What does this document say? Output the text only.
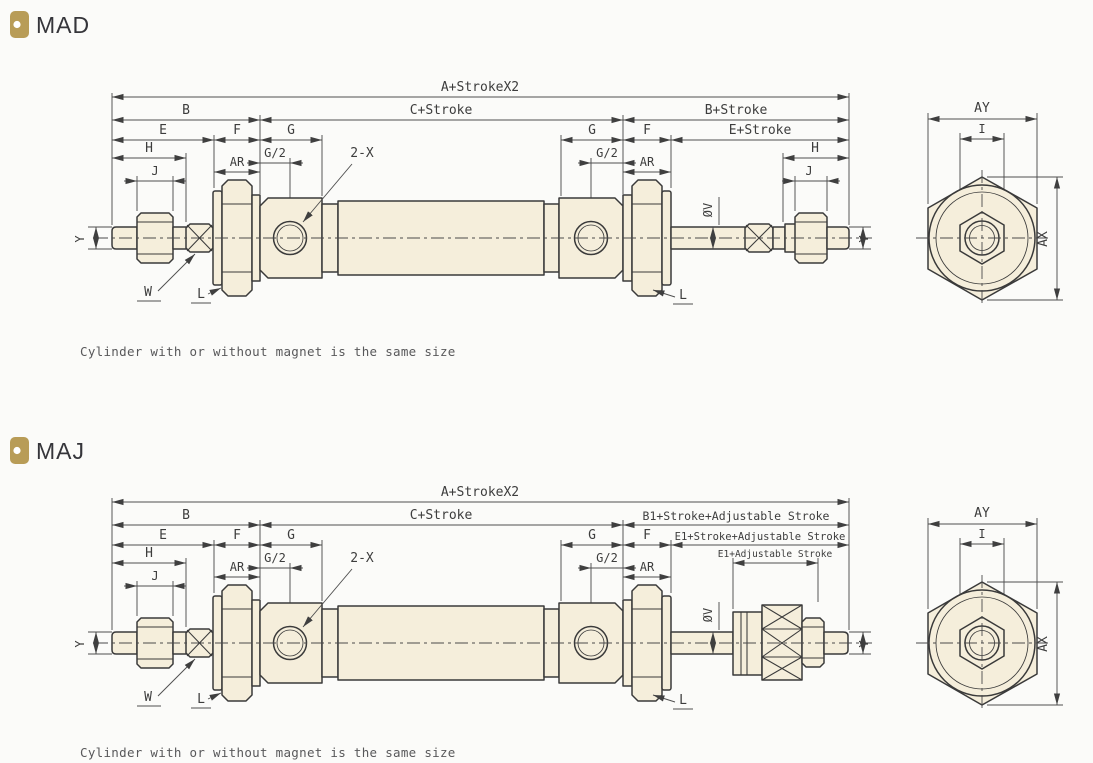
MAD
A+StrokeX2
B	C+Stroke	B+Stroke
E	F	G	G	F	E+Stroke
G/2	G/2
H	H
AR	AR
J	J
2-X
ØV
W	L	L
Y	Y
AY
I
AX
Cylinder with or without magnet is the same size
MAJ
A+StrokeX2
B	C+Stroke	B1+Stroke+Adjustable Stroke
E	F	G	G	F E1+Stroke+Adjustable Stroke
E1+Adjustable Stroke
G/2	G/2
H
AR	AR
J
2-X
ØV
W	L	L
Y	Y
AY
I
AX
Cylinder with or without magnet is the same size
